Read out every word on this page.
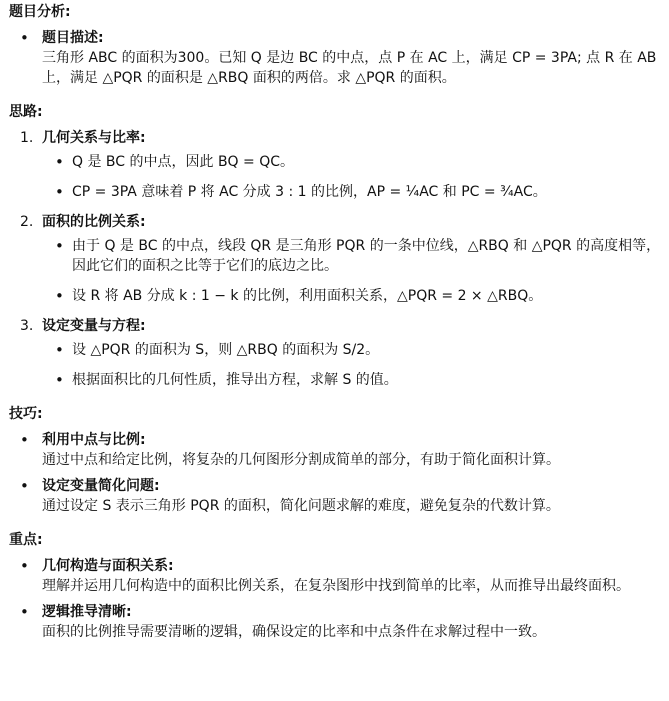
题目分析:
• 题目描述:
三角形 ABC 的面积为300。已知 Q 是边 BC 的中点，点 P 在 AC 上，满足 CP = 3PA; 点 R 在 AB 上，满足 △PQR 的面积是 △RBQ 面积的两倍。求 △PQR 的面积。
思路:
1. 几何关系与比率:
• Q 是 BC 的中点，因此 BQ = QC。
• CP = 3PA 意味着 P 将 AC 分成 3 : 1 的比例，AP = ¼AC 和 PC = ¾AC。
2. 面积的比例关系:
• 由于 Q 是 BC 的中点，线段 QR 是三角形 PQR 的一条中位线，△RBQ 和 △PQR 的高度相等，因此它们的面积之比等于它们的底边之比。
• 设 R 将 AB 分成 k : 1 − k 的比例，利用面积关系，△PQR = 2 × △RBQ。
3. 设定变量与方程:
• 设 △PQR 的面积为 S，则 △RBQ 的面积为 S/2。
• 根据面积比的几何性质，推导出方程，求解 S 的值。
技巧:
• 利用中点与比例:
通过中点和给定比例，将复杂的几何图形分割成简单的部分，有助于简化面积计算。
• 设定变量简化问题:
通过设定 S 表示三角形 PQR 的面积，简化问题求解的难度，避免复杂的代数计算。
重点:
• 几何构造与面积关系:
理解并运用几何构造中的面积比例关系，在复杂图形中找到简单的比率，从而推导出最终面积。
• 逻辑推导清晰:
面积的比例推导需要清晰的逻辑，确保设定的比率和中点条件在求解过程中一致。
